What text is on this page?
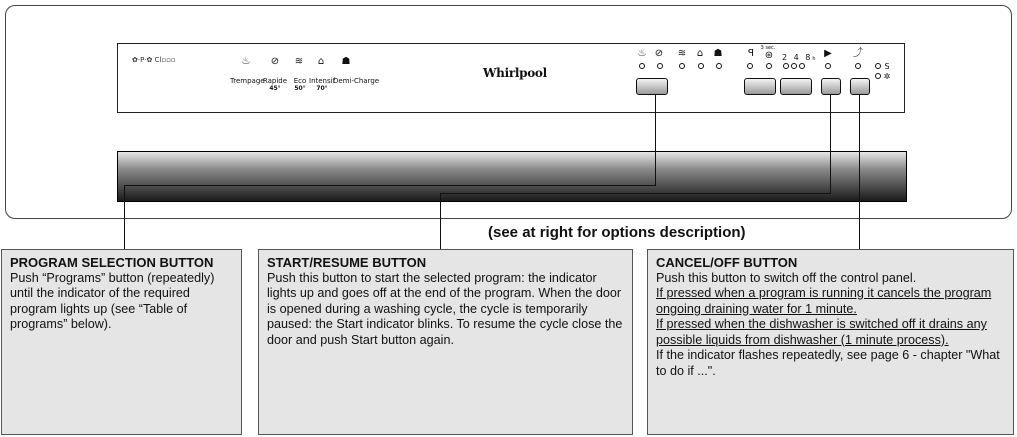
✿·P·✿ Cl▫▫▫	♨
Trempage
⊘
Rapide
45°
≋
Eco
50°
⌂
Intensif
70°
☗
Demi-Charge
Whirlpool
♨ ⊘ ≋	⌂	☗	ꟼ	3 sec.
⊛	2 4 8h ▶	⤴
S
✲
(see at right for options description)
PROGRAM SELECTION BUTTON

Push “Programs” button (repeatedly) until the indicator of the required program lights up (see “Table of programs” below).

START/RESUME BUTTON

Push this button to start the selected program: the indicator lights up and goes off at the end of the program. When the door is opened during a washing cycle, the cycle is temporarily paused: the Start indicator blinks. To resume the cycle close the door and push Start button again.

CANCEL/OFF BUTTON

Push this button to switch off the control panel.

If pressed when a program is running it cancels the program ongoing draining water for 1 minute.

If pressed when the dishwasher is switched off it drains any possible liquids from dishwasher (1 minute process).

If the indicator flashes repeatedly, see page 6 - chapter "What to do if ...".
